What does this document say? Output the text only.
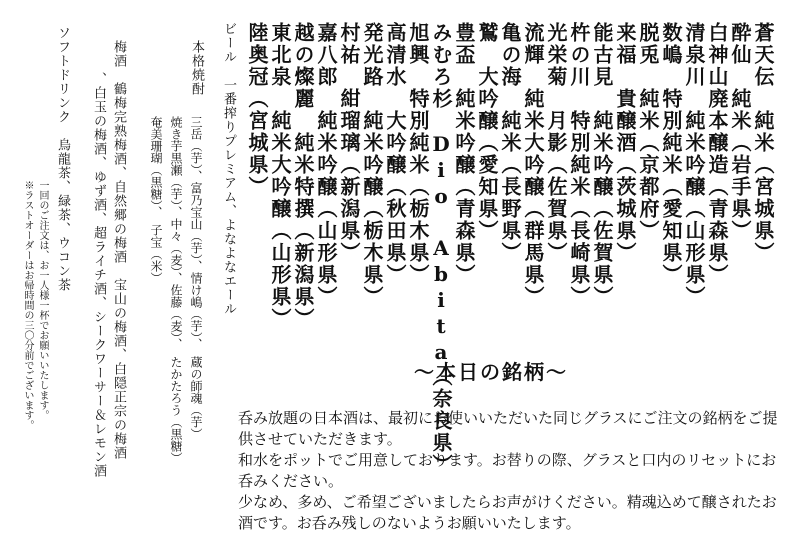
蒼天伝　純米（宮城県）
酔仙　純米（岩手県）
白神山廃本醸造（青森県）
清泉川　純米吟醸（山形県）
数嶋　特別純米（愛知県）
脱兎　純米（京都府）
来福　貴醸酒（茨城県）
能古見　純米吟醸（佐賀県）
杵の川　特別純米（長崎県）
光栄菊　月影（佐賀県）
流輝　純米大吟醸（群馬県）
亀の海　純米（長野県）
鷲　大吟醸（愛知県）
豊盃　純米吟醸（青森県）
みむろ杉　Dio Abita（奈良県）
旭興　特別純米（栃木県）
高清水　大吟醸（秋田県）
発光路　純米吟醸（栃木県）
村祐　紺瑠璃（新潟県）
嘉八郎　純米吟醸（山形県）
越の燦麗　純米特撰（新潟県）
東北泉　純米大吟醸（山形県）
陸奥冠（宮城県）
ビール　一番搾りプレミアム、よなよなエール
本格焼酎
三岳（芋）、富乃宝山（芋）、情け嶋（芋）、　蔵の師魂（芋）
焼き芋黒瀬（芋）、中々（麦）、佐藤（麦）、　たかたろう（黒糖）
奄美珊瑚（黒糖）、　子宝（米）
梅酒　鶴梅完熟梅酒、自然郷の梅酒　宝山の梅酒、白隠正宗の梅酒
、白玉の梅酒、ゆず酒、超ライチ酒、シークワーサー＆レモン酒
ソフトドリンク　烏龍茶、緑茶、ウコン茶
一回のご注文は、お一人様一杯でお願いいたします。
※ラストオーダーはお帰時間の三〇分前でございます。	～本日の銘柄～

呑み放題の日本酒は、最初にお使いいただいた同じグラスにご注文の銘柄をご提供させていただきます。

和水をポットでご用意しております。お替りの際、グラスと口内のリセットにお呑みください。

少なめ、多め、ご希望ございましたらお声がけください。精魂込めて醸されたお酒です。お呑み残しのないようお願いいたします。
